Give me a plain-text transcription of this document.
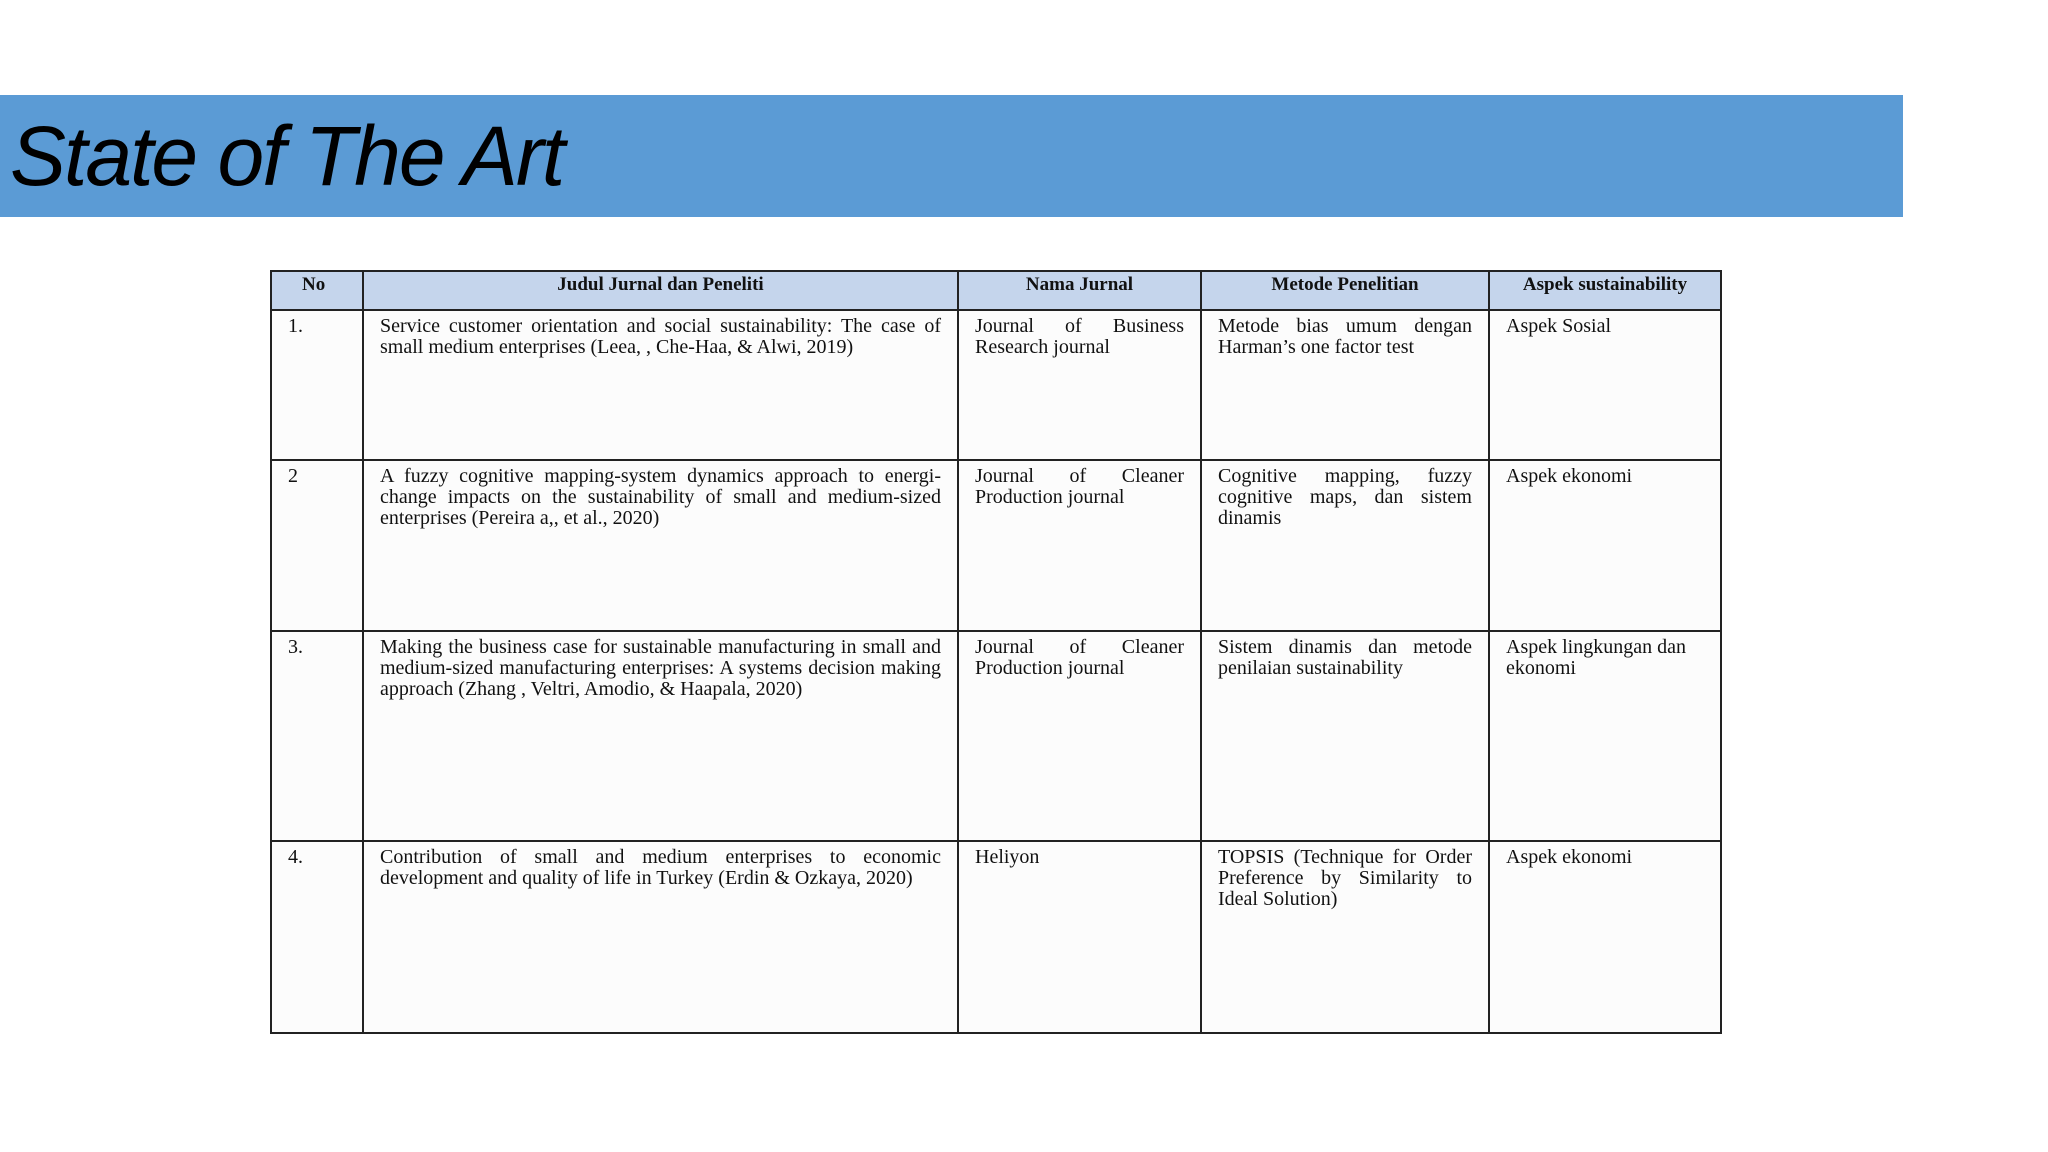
State of The Art
No	Judul Jurnal dan Peneliti	Nama Jurnal	Metode Penelitian	Aspek sustainability
1.	Service customer orientation and social sustainability: The case of small medium enterprises (Leea, , Che-Haa, & Alwi, 2019)	Journal of Business Research journal	Metode bias umum dengan Harman’s one factor test	Aspek Sosial
2	A fuzzy cognitive mapping-system dynamics approach to energi-change impacts on the sustainability of small and medium-sized enterprises (Pereira a,, et al., 2020)	Journal of Cleaner Production journal	Cognitive mapping, fuzzy cognitive maps, dan sistem dinamis	Aspek ekonomi
3.	Making the business case for sustainable manufacturing in small and medium-sized manufacturing enterprises: A systems decision making approach (Zhang , Veltri, Amodio, & Haapala, 2020)	Journal of Cleaner Production journal	Sistem dinamis dan metode penilaian sustainability	Aspek lingkungan dan ekonomi
4.	Contribution of small and medium enterprises to economic development and quality of life in Turkey (Erdin & Ozkaya, 2020)	Heliyon	TOPSIS (Technique for Order Preference by Similarity to Ideal Solution)	Aspek ekonomi
